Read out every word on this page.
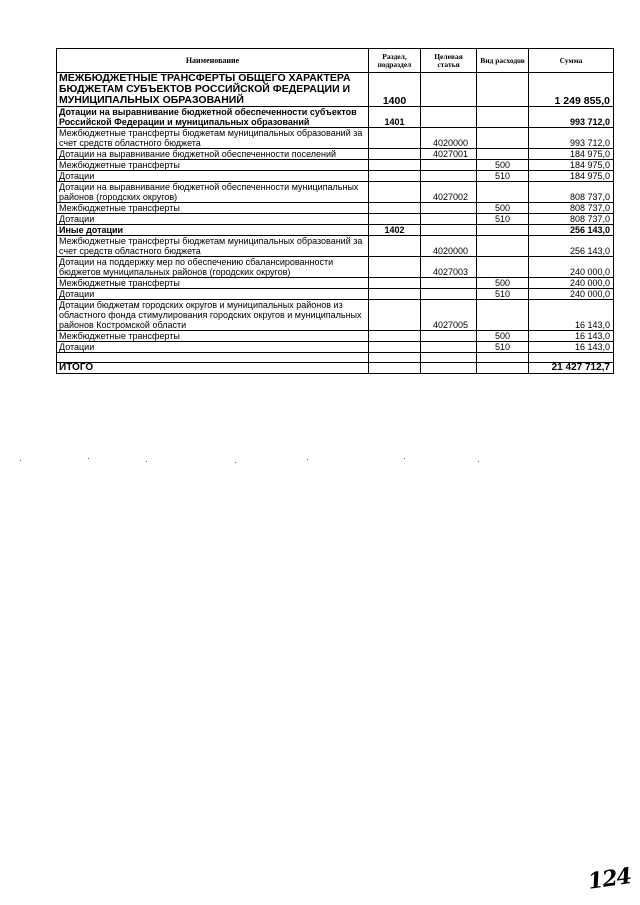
Наименование	Раздел, подраздел	Целевая статья	Вид расходов	Сумма
МЕЖБЮДЖЕТНЫЕ ТРАНСФЕРТЫ ОБЩЕГО ХАРАКТЕРА БЮДЖЕТАМ СУБЪЕКТОВ РОССИЙСКОЙ ФЕДЕРАЦИИ И МУНИЦИПАЛЬНЫХ ОБРАЗОВАНИЙ	1400			1 249 855,0
Дотации на выравнивание бюджетной обеспеченности субъектов Российской Федерации и муниципальных образований	1401			993 712,0
Межбюджетные трансферты бюджетам муниципальных образований за счет средств областного бюджета		4020000		993 712,0
Дотации на выравнивание бюджетной обеспеченности поселений		4027001		184 975,0
Межбюджетные трансферты			500	184 975,0
Дотации			510	184 975,0
Дотации на выравнивание бюджетной обеспеченности муниципальных районов (городских округов)		4027002		808 737,0
Межбюджетные трансферты			500	808 737,0
Дотации			510	808 737,0
Иные дотации	1402			256 143,0
Межбюджетные трансферты бюджетам муниципальных образований за счет средств областного бюджета		4020000		256 143,0
Дотации на поддержку мер по обеспечению сбалансированности бюджетов муниципальных районов (городских округов)		4027003		240 000,0
Межбюджетные трансферты			500	240 000,0
Дотации			510	240 000,0
Дотации бюджетам городских округов и муниципальных районов из областного фонда стимулирования городских округов и муниципальных районов Костромской области		4027005		16 143,0
Межбюджетные трансферты			500	16 143,0
Дотации			510	16 143,0

ИТОГО				21 427 712,7
124
